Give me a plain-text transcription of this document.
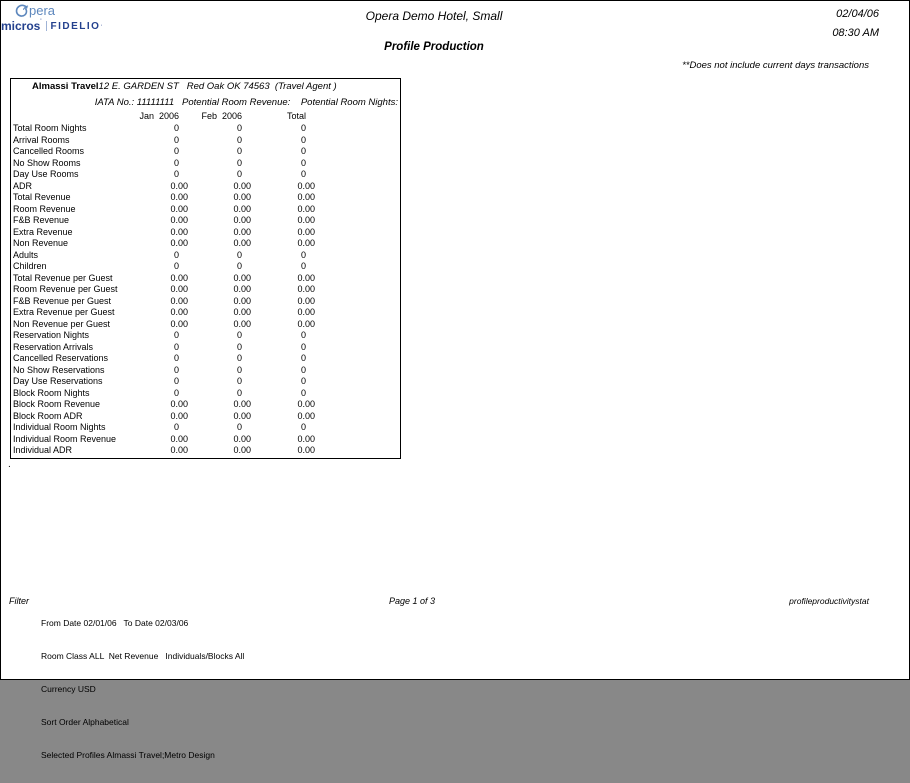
pera
micros ' FIDELIO ·
Opera Demo Hotel, Small	02/04/06
08:30 AM
Profile Production
**Does not include current days transactions
Almassi Travel12 E. GARDEN ST   Red Oak OK 74563  (Travel Agent )
IATA No.: 11111111   Potential Room Revenue:    Potential Room Nights:
Jan  2006	Feb  2006	Total
Total Room Nights	0	0	0
Arrival Rooms	0	0	0
Cancelled Rooms	0	0	0
No Show Rooms	0	0	0
Day Use Rooms	0	0	0
ADR	0.00	0.00	0.00
Total Revenue	0.00	0.00	0.00
Room Revenue	0.00	0.00	0.00
F&B Revenue	0.00	0.00	0.00
Extra Revenue	0.00	0.00	0.00
Non Revenue	0.00	0.00	0.00
Adults	0	0	0
Children	0	0	0
Total Revenue per Guest	0.00	0.00	0.00
Room Revenue per Guest	0.00	0.00	0.00
F&B Revenue per Guest	0.00	0.00	0.00
Extra Revenue per Guest	0.00	0.00	0.00
Non Revenue per Guest	0.00	0.00	0.00
Reservation Nights	0	0	0
Reservation Arrivals	0	0	0
Cancelled Reservations	0	0	0
No Show Reservations	0	0	0
Day Use Reservations	0	0	0
Block Room Nights	0	0	0
Block Room Revenue	0.00	0.00	0.00
Block Room ADR	0.00	0.00	0.00
Individual Room Nights	0	0	0
Individual Room Revenue	0.00	0.00	0.00
Individual ADR	0.00	0.00	0.00
.
Filter

From Date 02/01/06   To Date 02/03/06

Room Class ALL  Net Revenue   Individuals/Blocks All

Currency USD

Sort Order Alphabetical

Selected Profiles Almassi Travel;Metro Design

Page 1 of 3	profileproductivitystat
